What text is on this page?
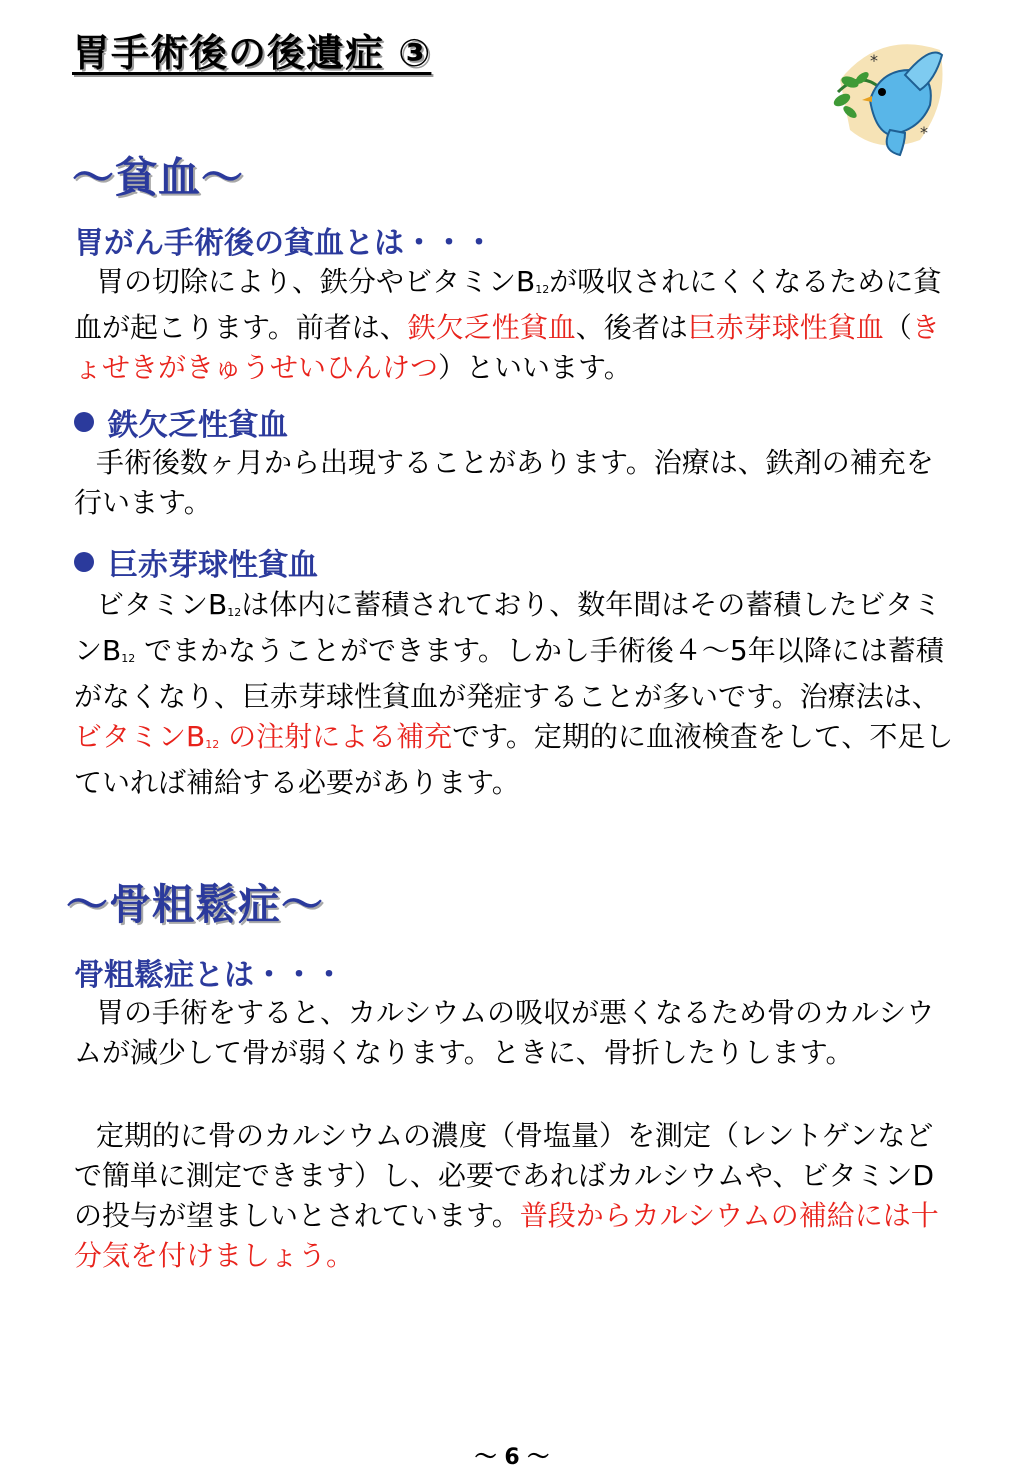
胃手術後の後遺症 ③	*
*
～貧血～
胃がん手術後の貧血とは・・・

胃の切除により、鉄分やビタミン$B_{12}$が吸収されにくくなるために貧血が起こります。前者は、鉄欠乏性貧血、後者は巨赤芽球性貧血（きょせきがきゅうせいひんけつ）といいます。

鉄欠乏性貧血

手術後数ヶ月から出現することがあります。治療は、鉄剤の補充を行います。

巨赤芽球性貧血

ビタミン$B_{12}$は体内に蓄積されており、数年間はその蓄積したビタミン$B_{12}$ でまかなうことができます。しかし手術後４～5年以降には蓄積がなくなり、巨赤芽球性貧血が発症することが多いです。治療法は、ビタミン$B_{12}$ の注射による補充です。定期的に血液検査をして、不足していれば補給する必要があります。

～骨粗鬆症～
骨粗鬆症とは・・・

胃の手術をすると、カルシウムの吸収が悪くなるため骨のカルシウムが減少して骨が弱くなります。ときに、骨折したりします。

定期的に骨のカルシウムの濃度（骨塩量）を測定（レントゲンなどで簡単に測定できます）し、必要であればカルシウムや、ビタミンDの投与が望ましいとされています。普段からカルシウムの補給には十分気を付けましょう。

～ 6 ～
